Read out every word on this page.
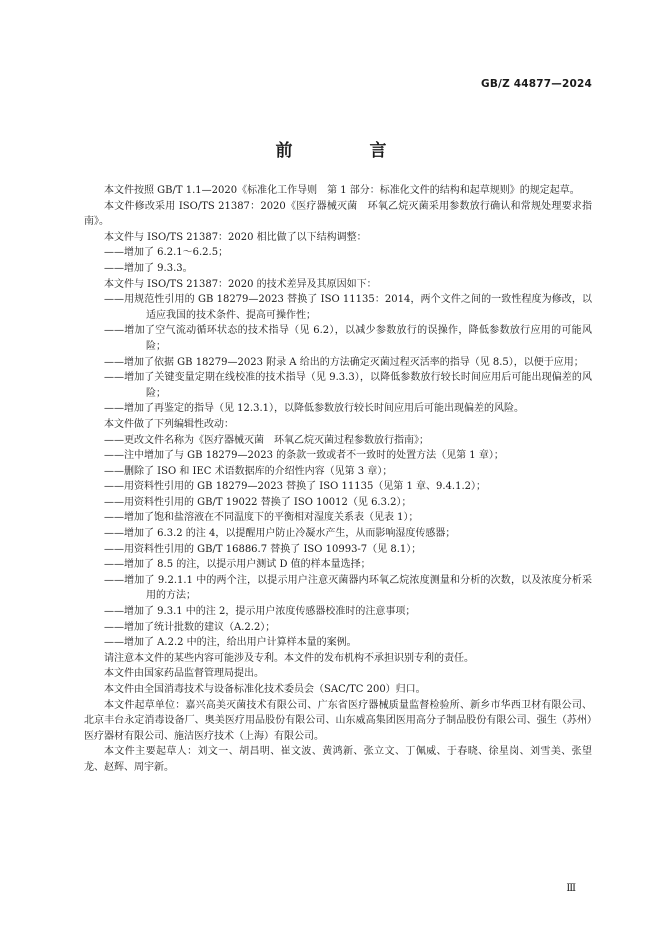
GB/Z 44877—2024
前　言

本文件按照 GB/T 1.1—2020《标准化工作导则　第 1 部分：标准化文件的结构和起草规则》的规定起草。

本文件修改采用 ISO/TS 21387：2020《医疗器械灭菌　环氧乙烷灭菌采用参数放行确认和常规处理要求指南》。

本文件与 ISO/TS 21387：2020 相比做了以下结构调整：

——增加了 6.2.1～6.2.5；

——增加了 9.3.3。

本文件与 ISO/TS 21387：2020 的技术差异及其原因如下：

——用规范性引用的 GB 18279—2023 替换了 ISO 11135：2014，两个文件之间的一致性程度为修改，以适应我国的技术条件、提高可操作性；

——增加了空气流动循环状态的技术指导（见 6.2），以减少参数放行的误操作，降低参数放行应用的可能风险；

——增加了依据 GB 18279—2023 附录 A 给出的方法确定灭菌过程灭活率的指导（见 8.5），以便于应用；

——增加了关键变量定期在线校准的技术指导（见 9.3.3），以降低参数放行较长时间应用后可能出现偏差的风险；

——增加了再鉴定的指导（见 12.3.1），以降低参数放行较长时间应用后可能出现偏差的风险。

本文件做了下列编辑性改动：

——更改文件名称为《医疗器械灭菌　环氧乙烷灭菌过程参数放行指南》；

——注中增加了与 GB 18279—2023 的条款一致或者不一致时的处置方法（见第 1 章）；

——删除了 ISO 和 IEC 术语数据库的介绍性内容（见第 3 章）；

——用资料性引用的 GB 18279—2023 替换了 ISO 11135（见第 1 章、9.4.1.2）；

——用资料性引用的 GB/T 19022 替换了 ISO 10012（见 6.3.2）；

——增加了饱和盐溶液在不同温度下的平衡相对湿度关系表（见表 1）；

——增加了 6.3.2 的注 4，以提醒用户防止冷凝水产生，从而影响湿度传感器；

——用资料性引用的 GB/T 16886.7 替换了 ISO 10993-7（见 8.1）；

——增加了 8.5 的注，以提示用户测试 D 值的样本量选择；

——增加了 9.2.1.1 中的两个注，以提示用户注意灭菌器内环氧乙烷浓度测量和分析的次数，以及浓度分析采用的方法；

——增加了 9.3.1 中的注 2，提示用户浓度传感器校准时的注意事项；

——增加了统计批数的建议（A.2.2）；

——增加了 A.2.2 中的注，给出用户计算样本量的案例。

请注意本文件的某些内容可能涉及专利。本文件的发布机构不承担识别专利的责任。

本文件由国家药品监督管理局提出。

本文件由全国消毒技术与设备标准化技术委员会（SAC/TC 200）归口。

本文件起草单位：嘉兴高美灭菌技术有限公司、广东省医疗器械质量监督检验所、新乡市华西卫材有限公司、北京丰台永定消毒设备厂、奥美医疗用品股份有限公司、山东威高集团医用高分子制品股份有限公司、强生（苏州）医疗器材有限公司、施洁医疗技术（上海）有限公司。

本文件主要起草人：刘文一、胡昌明、崔文波、黄鸿新、张立文、丁佩威、于春晓、徐星岗、刘雪美、张望龙、赵辉、周宇新。

Ⅲ
